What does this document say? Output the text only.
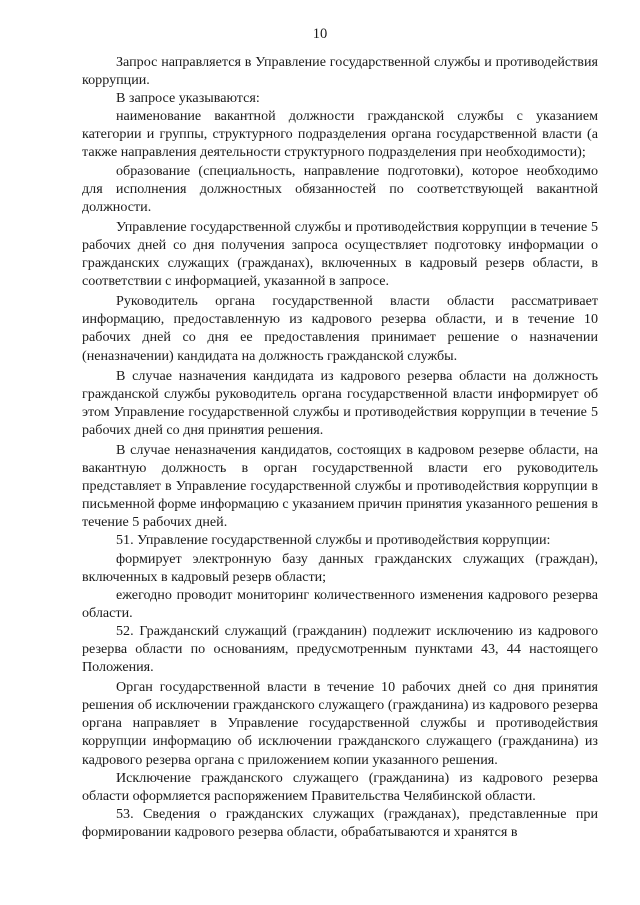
10

Запрос направляется в Управление государственной службы и противодействия коррупции.

В запросе указываются:

наименование вакантной должности гражданской службы с указанием категории и группы, структурного подразделения органа государственной власти (а также направления деятельности структурного подразделения при необходимости);

образование (специальность, направление подготовки), которое необходимо для исполнения должностных обязанностей по соответствующей вакантной должности.

Управление государственной службы и противодействия коррупции в течение 5 рабочих дней со дня получения запроса осуществляет подготовку информации о гражданских служащих (гражданах), включенных в кадровый резерв области, в соответствии с информацией, указанной в запросе.

Руководитель органа государственной власти области рассматривает информацию, предоставленную из кадрового резерва области, и в течение 10 рабочих дней со дня ее предоставления принимает решение о назначении (неназначении) кандидата на должность гражданской службы.

В случае назначения кандидата из кадрового резерва области на должность гражданской службы руководитель органа государственной власти информирует об этом Управление государственной службы и противодействия коррупции в течение 5 рабочих дней со дня принятия решения.

В случае неназначения кандидатов, состоящих в кадровом резерве области, на вакантную должность в орган государственной власти его руководитель представляет в Управление государственной службы и противодействия коррупции в письменной форме информацию с указанием причин принятия указанного решения в течение 5 рабочих дней.

51. Управление государственной службы и противодействия коррупции:

формирует электронную базу данных гражданских служащих (граждан), включенных в кадровый резерв области;

ежегодно проводит мониторинг количественного изменения кадрового резерва области.

52. Гражданский служащий (гражданин) подлежит исключению из кадрового резерва области по основаниям, предусмотренным пунктами 43, 44 настоящего Положения.

Орган государственной власти в течение 10 рабочих дней со дня принятия решения об исключении гражданского служащего (гражданина) из кадрового резерва органа направляет в Управление государственной службы и противодействия коррупции информацию об исключении гражданского служащего (гражданина) из кадрового резерва органа с приложением копии указанного решения.

Исключение гражданского служащего (гражданина) из кадрового резерва области оформляется распоряжением Правительства Челябинской области.

53. Сведения о гражданских служащих (гражданах), представленные при формировании кадрового резерва области, обрабатываются и хранятся в
